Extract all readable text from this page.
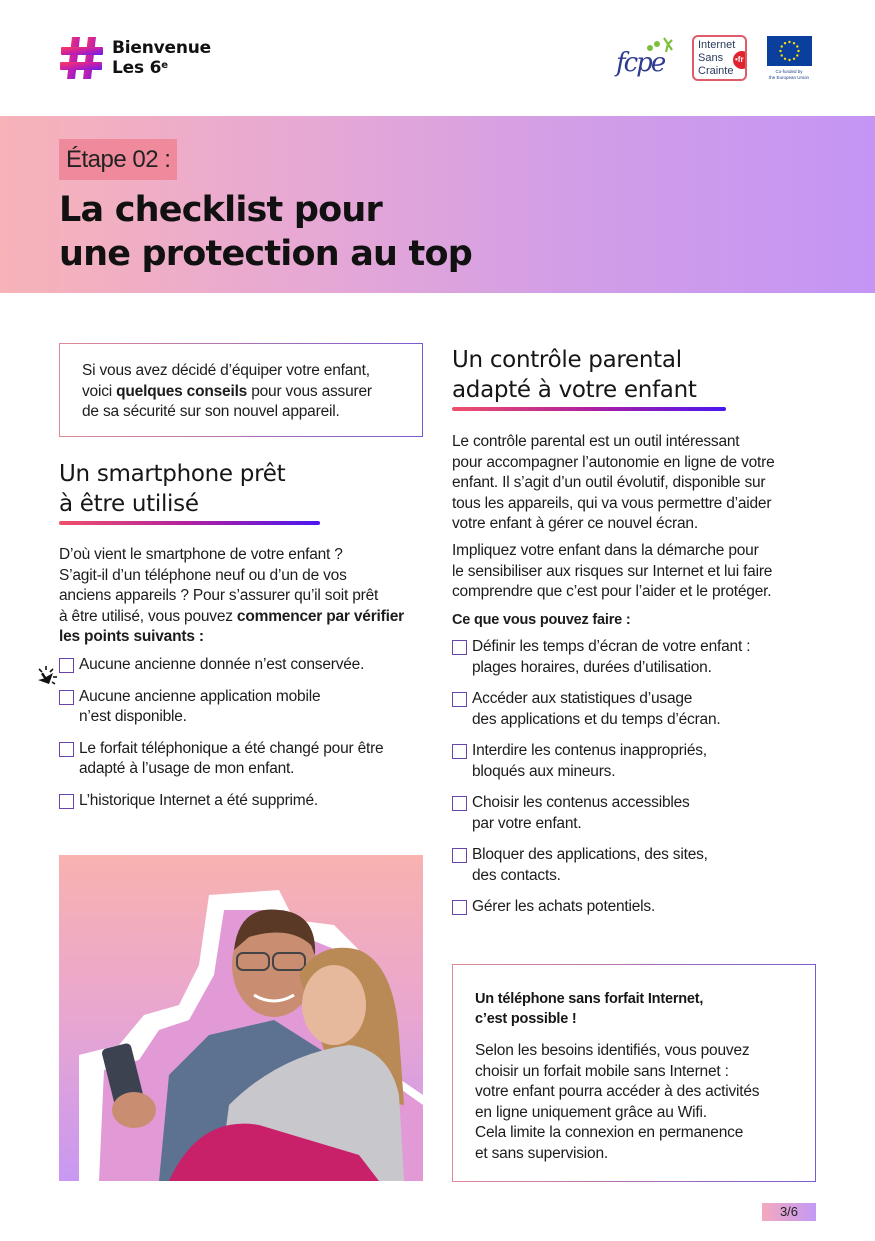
Bienvenue
Les 6e	fcpe
Internet
Sans
Crainte
•fr
Co-funded by
the European Union
Étape 02 :
La checklist pour
une protection au top

Si vous avez décidé d’équiper votre enfant,
voici quelques conseils pour vous assurer
de sa sécurité sur son nouvel appareil.

Un smartphone prêt
à être utilisé

D’où vient le smartphone de votre enfant ?
S’agit-il d’un téléphone neuf ou d’un de vos
anciens appareils ? Pour s’assurer qu’il soit prêt
à être utilisé, vous pouvez commencer par vérifier
les points suivants :

Aucune ancienne donnée n’est conservée.
Aucune ancienne application mobile
n’est disponible.
Le forfait téléphonique a été changé pour être
adapté à l’usage de mon enfant.
L’historique Internet a été supprimé.
Un contrôle parental
adapté à votre enfant

Le contrôle parental est un outil intéressant
pour accompagner l’autonomie en ligne de votre
enfant. Il s’agit d’un outil évolutif, disponible sur
tous les appareils, qui va vous permettre d’aider
votre enfant à gérer ce nouvel écran.

Impliquez votre enfant dans la démarche pour
le sensibiliser aux risques sur Internet et lui faire
comprendre que c’est pour l’aider et le protéger.

Ce que vous pouvez faire :

Définir les temps d’écran de votre enfant :
plages horaires, durées d’utilisation.
Accéder aux statistiques d’usage
des applications et du temps d’écran.
Interdire les contenus inappropriés,
bloqués aux mineurs.
Choisir les contenus accessibles
par votre enfant.
Bloquer des applications, des sites,
des contacts.
Gérer les achats potentiels.
Un téléphone sans forfait Internet,
c’est possible !

Selon les besoins identifiés, vous pouvez
choisir un forfait mobile sans Internet :
votre enfant pourra accéder à des activités
en ligne uniquement grâce au Wifi.
Cela limite la connexion en permanence
et sans supervision.

3/6
